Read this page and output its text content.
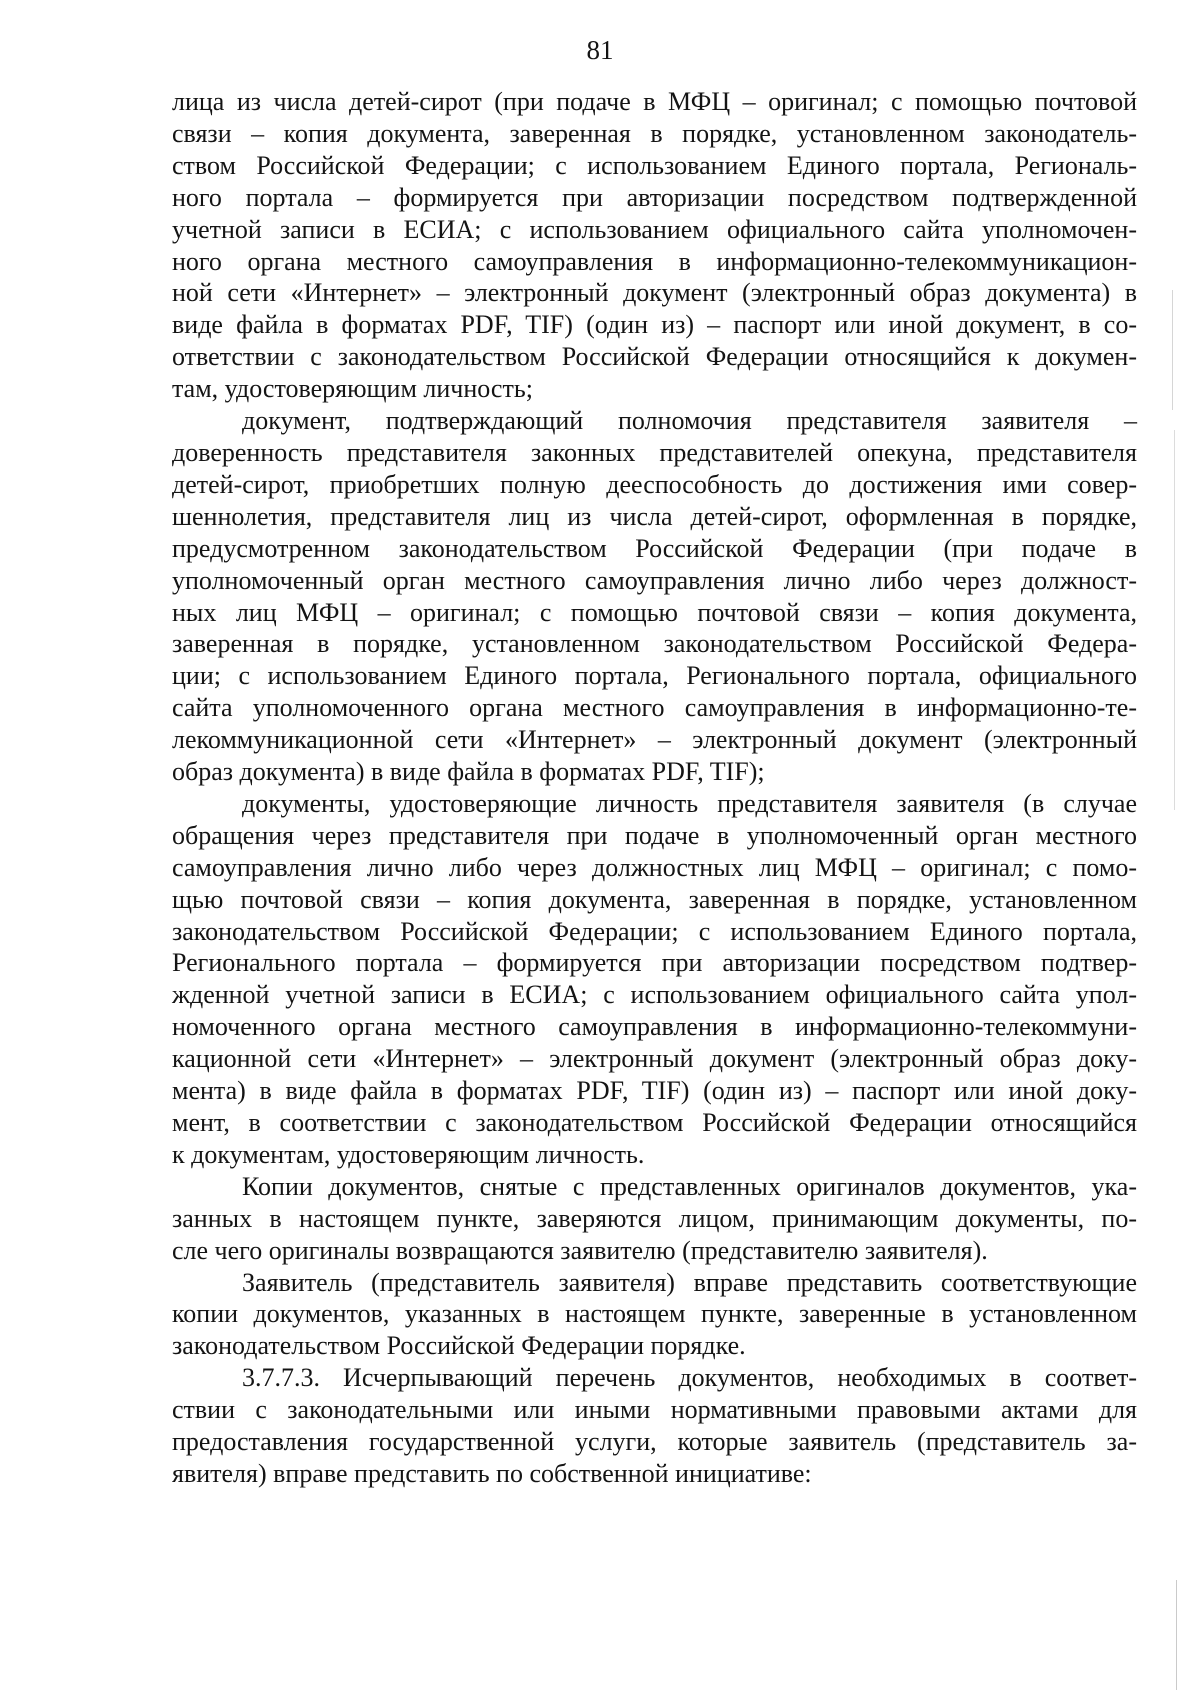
81
лица из числа детей-сирот (при подаче в МФЦ – оригинал; с помощью почтовой
связи – копия документа, заверенная в порядке, установленном законодатель-
ством Российской Федерации; с использованием Единого портала, Региональ-
ного портала – формируется при авторизации посредством подтвержденной
учетной записи в ЕСИА; с использованием официального сайта уполномочен-
ного органа местного самоуправления в информационно-телекоммуникацион-
ной сети «Интернет» – электронный документ (электронный образ документа) в
виде файла в форматах PDF, TIF) (один из) – паспорт или иной документ, в со-
ответствии с законодательством Российской Федерации относящийся к докумен-
там, удостоверяющим личность;
документ, подтверждающий полномочия представителя заявителя –
доверенность представителя законных представителей опекуна, представителя
детей-сирот, приобретших полную дееспособность до достижения ими совер-
шеннолетия, представителя лиц из числа детей-сирот, оформленная в порядке,
предусмотренном законодательством Российской Федерации (при подаче в
уполномоченный орган местного самоуправления лично либо через должност-
ных лиц МФЦ – оригинал; с помощью почтовой связи – копия документа,
заверенная в порядке, установленном законодательством Российской Федера-
ции; с использованием Единого портала, Регионального портала, официального
сайта уполномоченного органа местного самоуправления в информационно-те-
лекоммуникационной сети «Интернет» – электронный документ (электронный
образ документа) в виде файла в форматах PDF, TIF);
документы, удостоверяющие личность представителя заявителя (в случае
обращения через представителя при подаче в уполномоченный орган местного
самоуправления лично либо через должностных лиц МФЦ – оригинал; с помо-
щью почтовой связи – копия документа, заверенная в порядке, установленном
законодательством Российской Федерации; с использованием Единого портала,
Регионального портала – формируется при авторизации посредством подтвер-
жденной учетной записи в ЕСИА; с использованием официального сайта упол-
номоченного органа местного самоуправления в информационно-телекоммуни-
кационной сети «Интернет» – электронный документ (электронный образ доку-
мента) в виде файла в форматах PDF, TIF) (один из) – паспорт или иной доку-
мент, в соответствии с законодательством Российской Федерации относящийся
к документам, удостоверяющим личность.
Копии документов, снятые с представленных оригиналов документов, ука-
занных в настоящем пункте, заверяются лицом, принимающим документы, по-
сле чего оригиналы возвращаются заявителю (представителю заявителя).
Заявитель (представитель заявителя) вправе представить соответствующие
копии документов, указанных в настоящем пункте, заверенные в установленном
законодательством Российской Федерации порядке.
3.7.7.3. Исчерпывающий перечень документов, необходимых в соответ-
ствии с законодательными или иными нормативными правовыми актами для
предоставления государственной услуги, которые заявитель (представитель за-
явителя) вправе представить по собственной инициативе:
